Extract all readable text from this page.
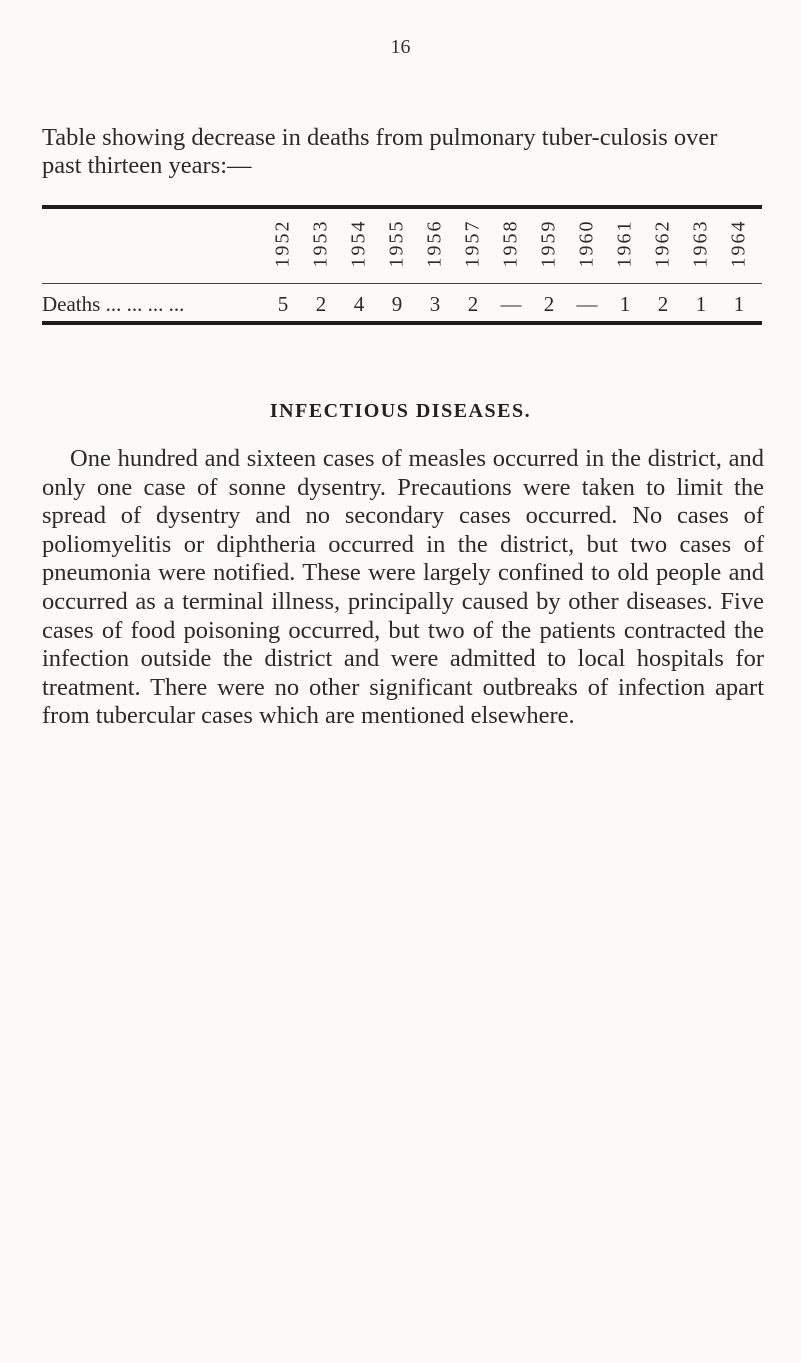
16
Table showing decrease in deaths from pulmonary tuber-culosis over past thirteen years:—
1952 1953 1954 1955 1956 1957 1958 1959 1960 1961 1962 1963 1964
Deaths ... ... ... ...	5	2	4	9	3	2	—	2	—	1	2	1	1
INFECTIOUS DISEASES.
One hundred and sixteen cases of measles occurred in the district, and only one case of sonne dysentry. Precautions were taken to limit the spread of dysentry and no secondary cases occurred. No cases of poliomyelitis or diphtheria occurred in the district, but two cases of pneumonia were notified. These were largely confined to old people and occurred as a terminal illness, principally caused by other diseases. Five cases of food poisoning occurred, but two of the patients contracted the infection outside the district and were admitted to local hospitals for treatment. There were no other significant outbreaks of infection apart from tubercular cases which are mentioned elsewhere.
